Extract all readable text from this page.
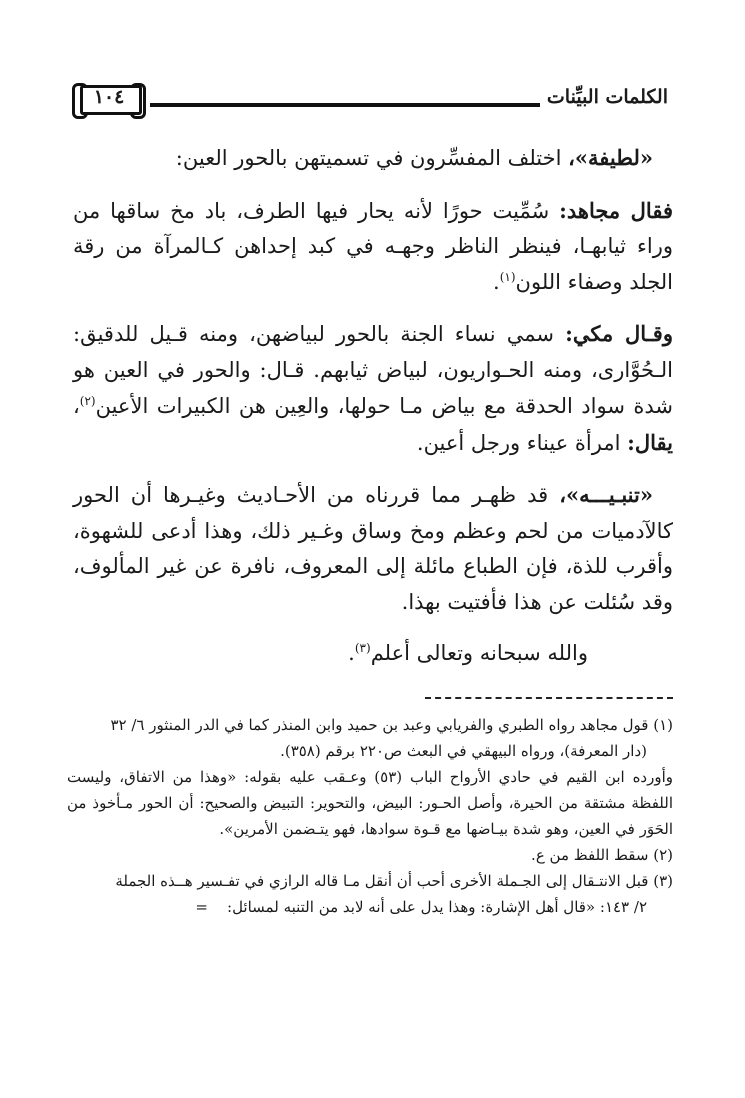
الكلمات البيِّنات
١٠٤

«لطيفة»، اختلف المفسِّرون في تسميتهن بالحور العين:

فقال مجاهد: سُمِّيت حورًا لأنه يحار فيها الطرف، باد مخ ساقها من وراء ثيابهـا، فينظر الناظر وجهـه في كبد إحداهن كـالمرآة من رقة الجلد وصفاء اللون$^{(١)}$.

وقـال مكي: سمي نساء الجنة بالحور لبياضهن، ومنه قـيل للدقيق: الـحُوَّارى، ومنه الحـواريون، لبياض ثيابهم. قـال: والحور في العين هو شدة سواد الحدقة مع بياض مـا حولها، والعِين هن الكبيرات الأعين$^{(٢)}$، يقال: امرأة عيناء ورجل أعين.

«تنبـيـــه»، قد ظهـر مما قررناه من الأحـاديث وغيـرها أن الحور كالآدميات من لحم وعظم ومخ وساق وغـير ذلك، وهذا أدعى للشهوة، وأقرب للذة، فإن الطباع مائلة إلى المعروف، نافرة عن غير المألوف، وقد سُئلت عن هذا فأفتيت بهذا.

والله سبحانه وتعالى أعلم$^{(٣)}$.

(١) قول مجاهد رواه الطبري والفريابي وعبد بن حميد وابن المنذر كما في الدر المنثور ٦/ ٣٢

(دار المعرفة)، ورواه البيهقي في البعث ص٢٢٠ برقم (٣٥٨).

وأورده ابن القيم في حادي الأرواح الباب (٥٣) وعـقب عليه بقوله: «وهذا من الاتفاق، وليست اللفظة مشتقة من الحيرة، وأصل الحـور: البيض، والتحوير: التبيض والصحيح: أن الحور مـأخوذ من الحَوَر في العين، وهو شدة بيـاضها مع قـوة سوادها، فهو يتـضمن الأمرين».

(٢) سقط اللفظ من ع.

(٣) قبل الانتـقال إلى الجـملة الأخرى أحب أن أنقل مـا قاله الرازي في تفـسير هــذه الجملة

٢/ ١٤٣: «قال أهل الإشارة: وهذا يدل على أنه لابد من التنبه لمسائل:    =
